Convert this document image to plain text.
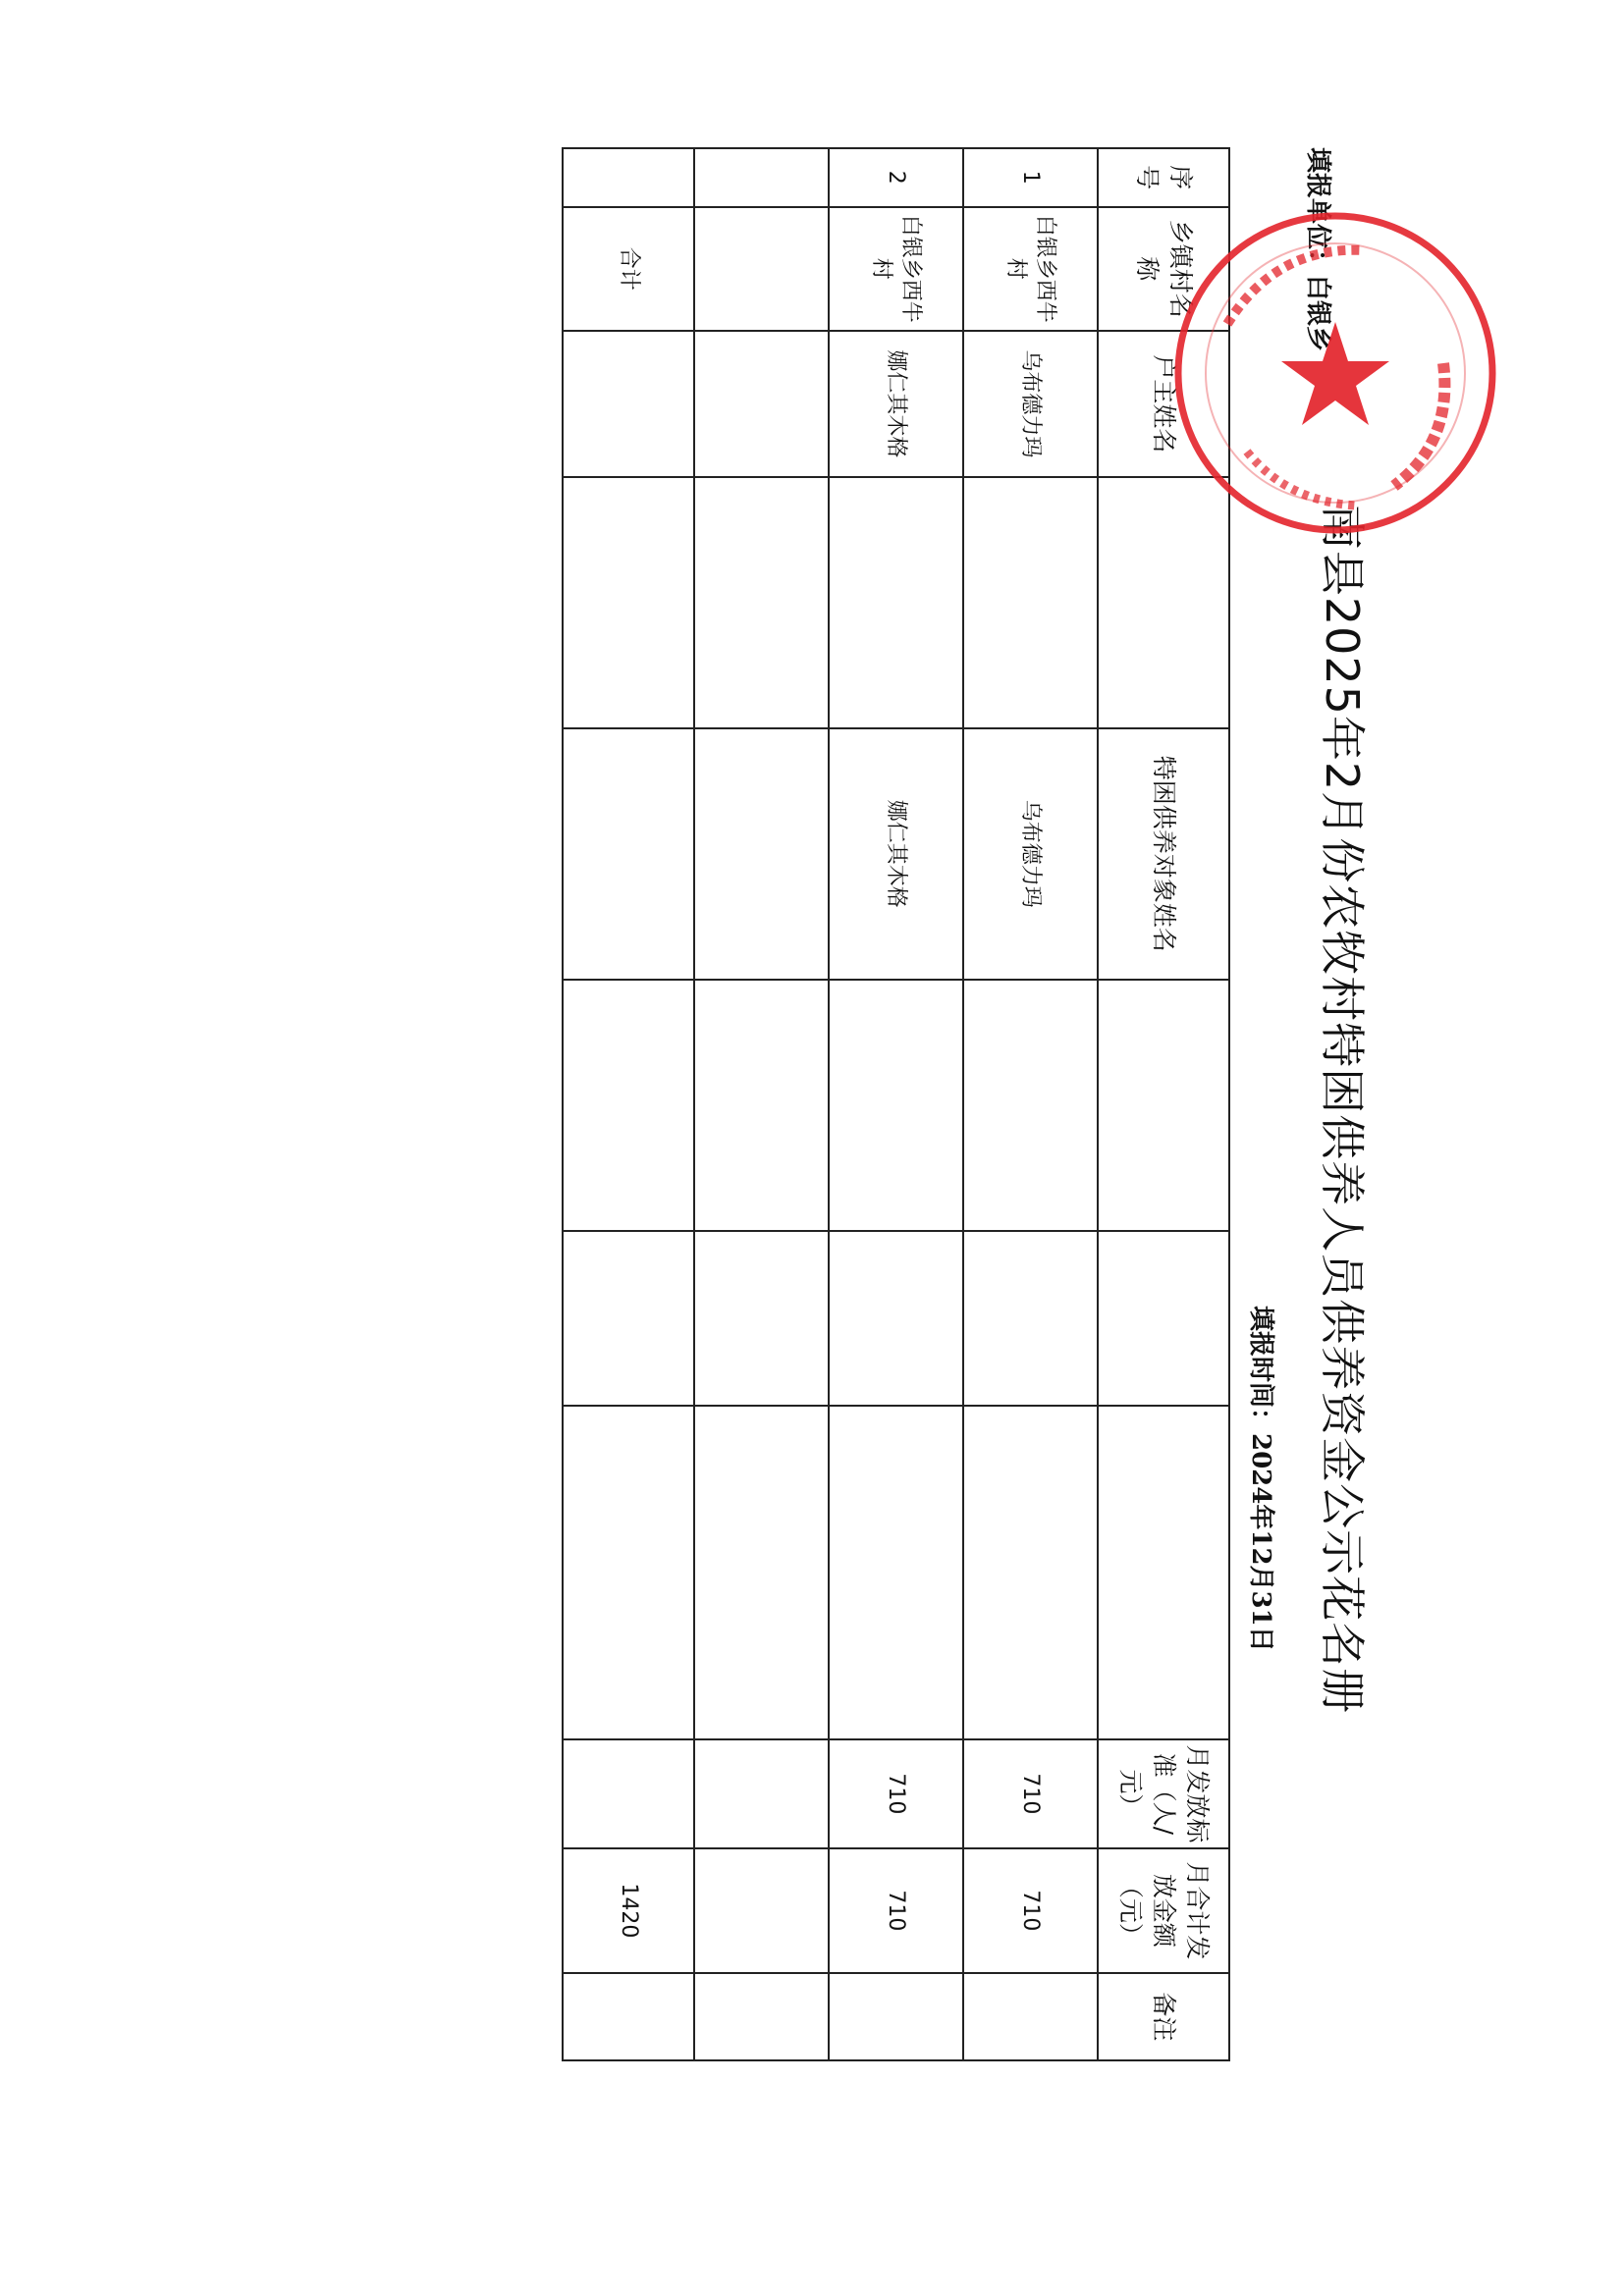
南县2025年2月份农牧村特困供养人员供养资金公示花名册
填报单位：白银乡
填报时间：2024年12月31日
序号	乡镇村名称	户主姓名		特困供养对象姓名				月发放标准（人/元）	月合计发放金额（元）	备注
1	白银乡西牛村	乌布德力玛		乌布德力玛				710	710	
2	白银乡西牛村	娜仁其木格		娜仁其木格				710	710	

	合计								1420	
